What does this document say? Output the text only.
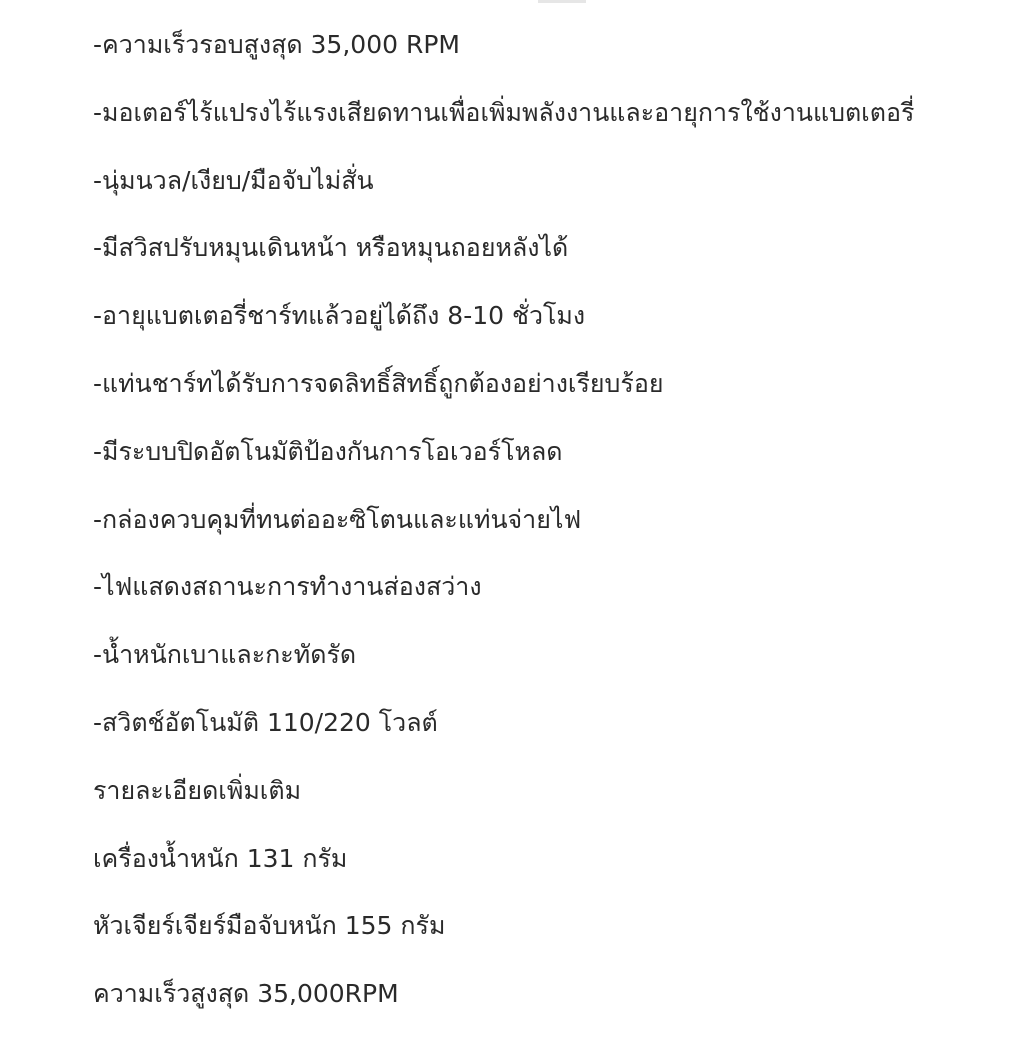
-ความเร็วรอบสูงสุด 35,000 RPM
-มอเตอร์ไร้แปรงไร้แรงเสียดทานเพื่อเพิ่มพลังงานและอายุการใช้งานแบตเตอรี่
-นุ่มนวล/เงียบ/มือจับไม่สั่น
-มีสวิสปรับหมุนเดินหน้า หรือหมุนถอยหลังได้
-อายุแบตเตอรี่ชาร์ทแล้วอยู่ได้ถึง 8-10 ชั่วโมง
-แท่นชาร์ทได้รับการจดลิทธิ์สิทธิ์ถูกต้องอย่างเรียบร้อย
-มีระบบปิดอัตโนมัติป้องกันการโอเวอร์โหลด
-กล่องควบคุมที่ทนต่ออะซิโตนและแท่นจ่ายไฟ
-ไฟแสดงสถานะการทำงานส่องสว่าง
-น้ำหนักเบาและกะทัดรัด
-สวิตช์อัตโนมัติ 110/220 โวลต์
รายละเอียดเพิ่มเติม
เครื่องน้ำหนัก 131 กรัม
หัวเจียร์เจียร์มือจับหนัก 155 กรัม
ความเร็วสูงสุด 35,000RPM
